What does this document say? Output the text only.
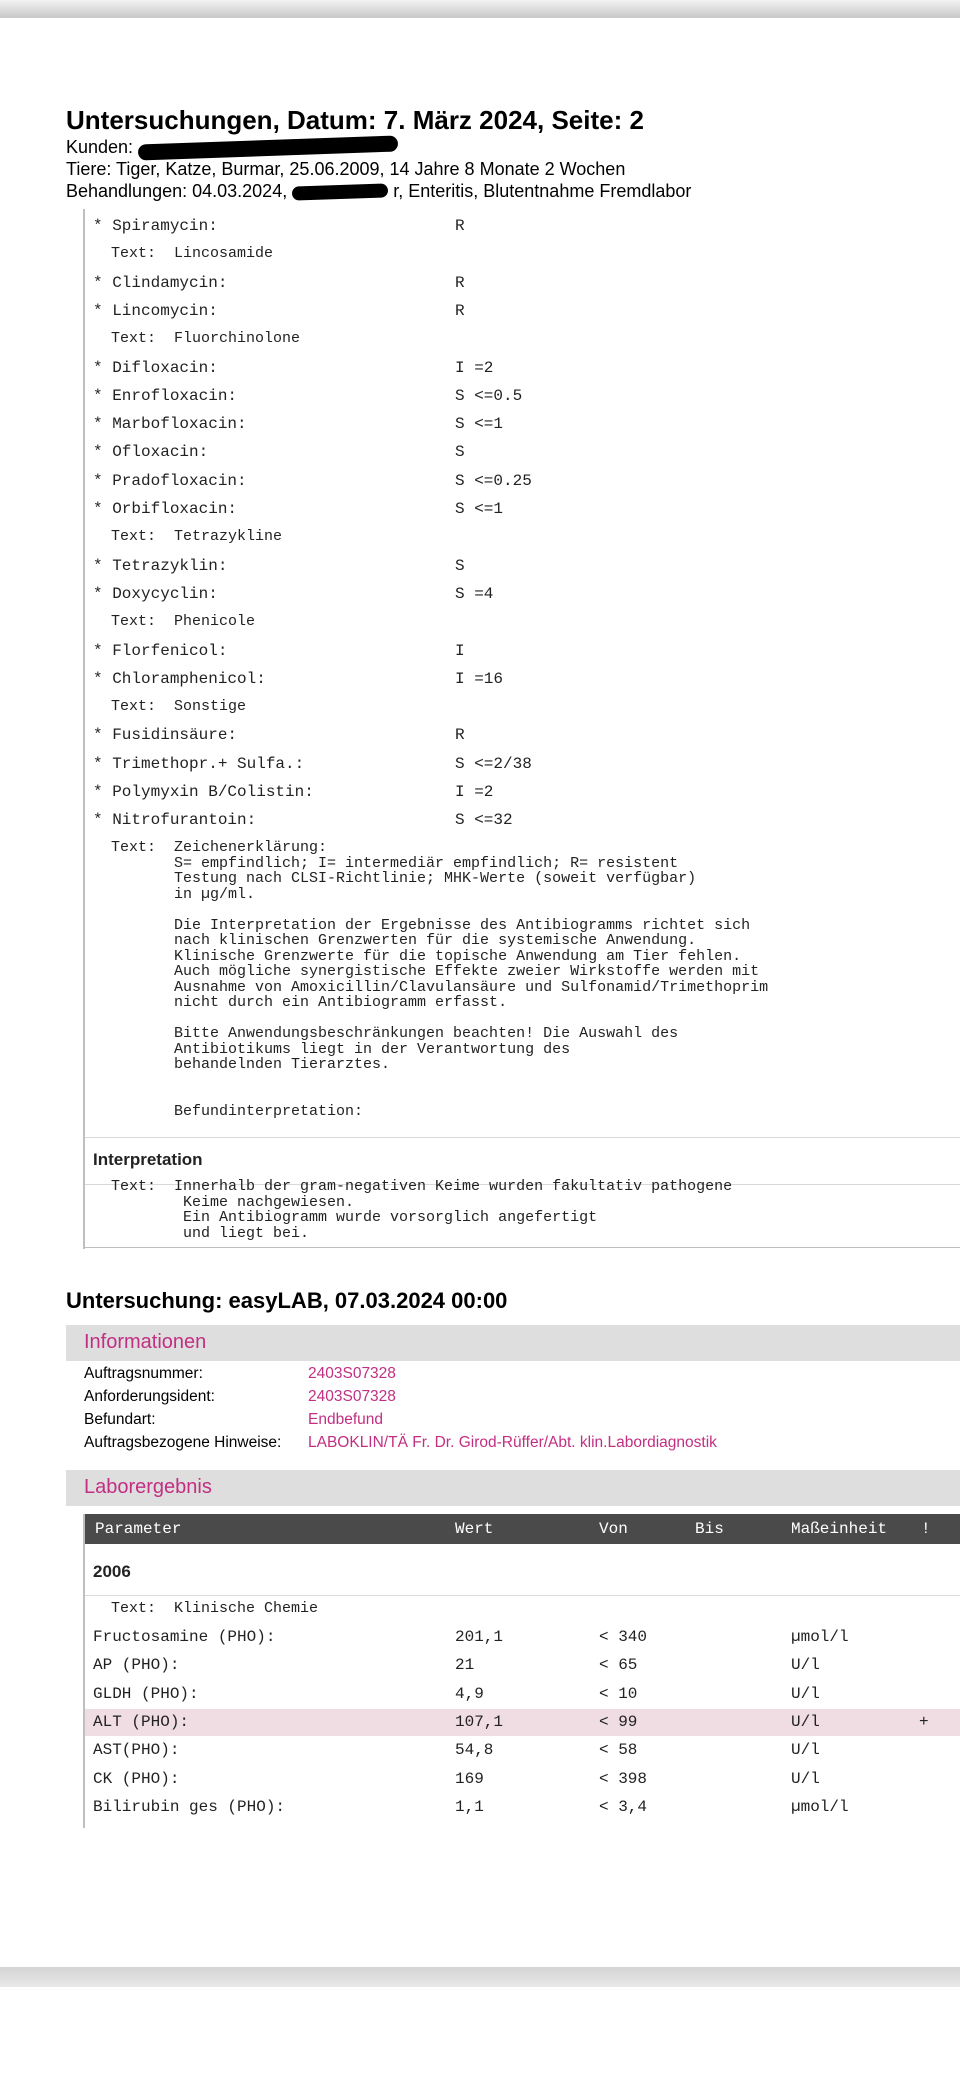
Untersuchungen, Datum: 7. März 2024, Seite: 2
Kunden:
Tiere: Tiger, Katze, Burmar, 25.06.2009, 14 Jahre 8 Monate 2 Wochen
Behandlungen: 04.03.2024,	r, Enteritis, Blutentnahme Fremdlabor
* Spiramycin:	R
Text:  Lincosamide
* Clindamycin:	R
* Lincomycin:	R
Text:  Fluorchinolone
* Difloxacin:	I =2
* Enrofloxacin:	S <=0.5
* Marbofloxacin:	S <=1
* Ofloxacin:	S
* Pradofloxacin:	S <=0.25
* Orbifloxacin:	S <=1
Text:  Tetrazykline
* Tetrazyklin:	S
* Doxycyclin:	S =4
Text:  Phenicole
* Florfenicol:	I
* Chloramphenicol:	I =16
Text:  Sonstige
* Fusidinsäure:	R
* Trimethopr.+ Sulfa.:	S <=2/38
* Polymyxin B/Colistin:	I =2
* Nitrofurantoin:	S <=32
Text:  Zeichenerklärung:
S= empfindlich; I= intermediär empfindlich; R= resistent
Testung nach CLSI-Richtlinie; MHK-Werte (soweit verfügbar)
in µg/ml.

Die Interpretation der Ergebnisse des Antibiogramms richtet sich
nach klinischen Grenzwerten für die systemische Anwendung.
Klinische Grenzwerte für die topische Anwendung am Tier fehlen.
Auch mögliche synergistische Effekte zweier Wirkstoffe werden mit
Ausnahme von Amoxicillin/Clavulansäure und Sulfonamid/Trimethoprim
nicht durch ein Antibiogramm erfasst.

Bitte Anwendungsbeschränkungen beachten! Die Auswahl des
Antibiotikums liegt in der Verantwortung des
behandelnden Tierarztes.

Befundinterpretation:
Interpretation
Text:  Innerhalb der gram-negativen Keime wurden fakultativ pathogene
Keime nachgewiesen.
Ein Antibiogramm wurde vorsorglich angefertigt
und liegt bei.
Untersuchung: easyLAB, 07.03.2024 00:00
Informationen
Auftragsnummer:	2403S07328
Anforderungsident:	2403S07328
Befundart:	Endbefund
Auftragsbezogene Hinweise: LABOKLIN/TÄ Fr. Dr. Girod-Rüffer/Abt. klin.Labordiagnostik
Laborergebnis
Parameter	Wert	Von	Bis	Maßeinheit !
2006
Text:  Klinische Chemie
Fructosamine (PHO):	201,1	< 340	µmol/l
AP (PHO):	21	< 65	U/l
GLDH (PHO):	4,9	< 10	U/l
ALT (PHO):	107,1	< 99	U/l	+
AST(PHO):	54,8	< 58	U/l
CK (PHO):	169	< 398	U/l
Bilirubin ges (PHO):	1,1	< 3,4	µmol/l
